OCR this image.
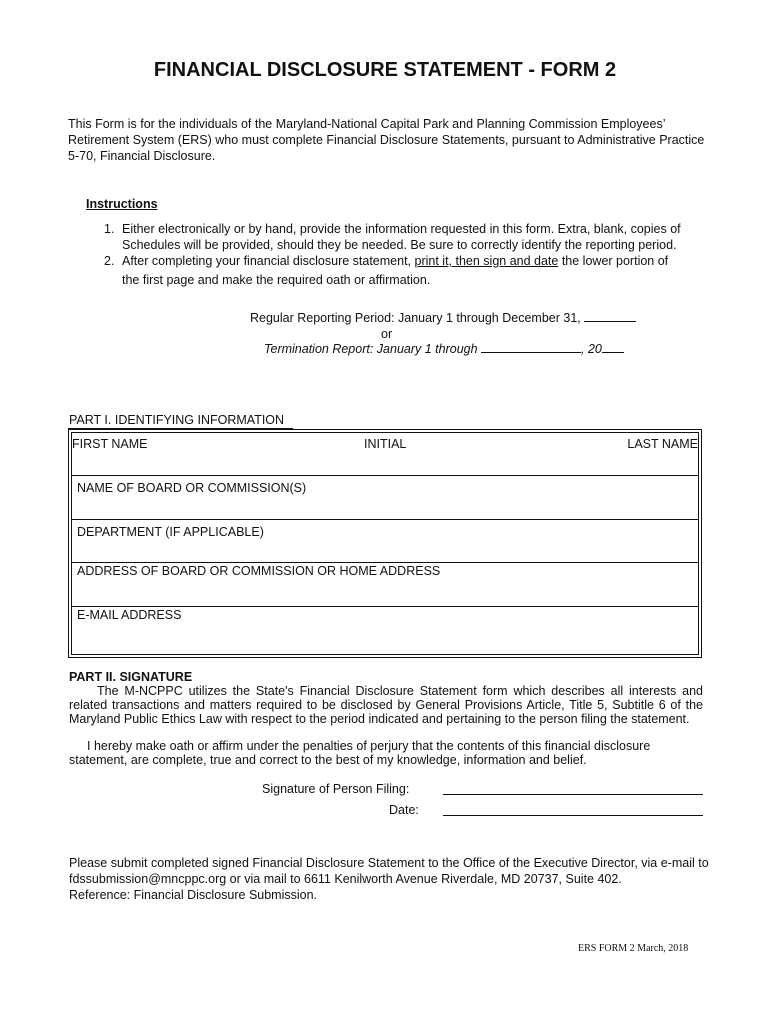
FINANCIAL DISCLOSURE STATEMENT - FORM 2
This Form is for the individuals of the Maryland-National Capital Park and Planning Commission Employees’ Retirement System (ERS) who must complete Financial Disclosure Statements, pursuant to Administrative Practice 5-70, Financial Disclosure.
Instructions
1. Either electronically or by hand, provide the information requested in this form. Extra, blank, copies of Schedules will be provided, should they be needed. Be sure to correctly identify the reporting period.
2. After completing your financial disclosure statement, print it, then sign and date the lower portion of
the first page and make the required oath or affirmation.
Regular Reporting Period: January 1 through December 31,
or
Termination Report: January 1 through	, 20
PART I. IDENTIFYING INFORMATION
FIRST NAME	INITIAL	LAST NAME
NAME OF BOARD OR COMMISSION(S)
DEPARTMENT (IF APPLICABLE)
ADDRESS OF BOARD OR COMMISSION OR HOME ADDRESS
E-MAIL ADDRESS
PART II. SIGNATURE
The M-NCPPC utilizes the State's Financial Disclosure Statement form which describes all interests and related transactions and matters required to be disclosed by General Provisions Article, Title 5, Subtitle 6 of the Maryland Public Ethics Law with respect to the period indicated and pertaining to the person filing the statement.
I hereby make oath or affirm under the penalties of perjury that the contents of this financial disclosure statement, are complete, true and correct to the best of my knowledge, information and belief.
Signature of Person Filing:
Date:
Please submit completed signed Financial Disclosure Statement to the Office of the Executive Director, via e-mail to
fdssubmission@mncppc.org or via mail to 6611 Kenilworth Avenue Riverdale, MD 20737, Suite 402.
Reference: Financial Disclosure Submission.
ERS FORM 2 March, 2018
